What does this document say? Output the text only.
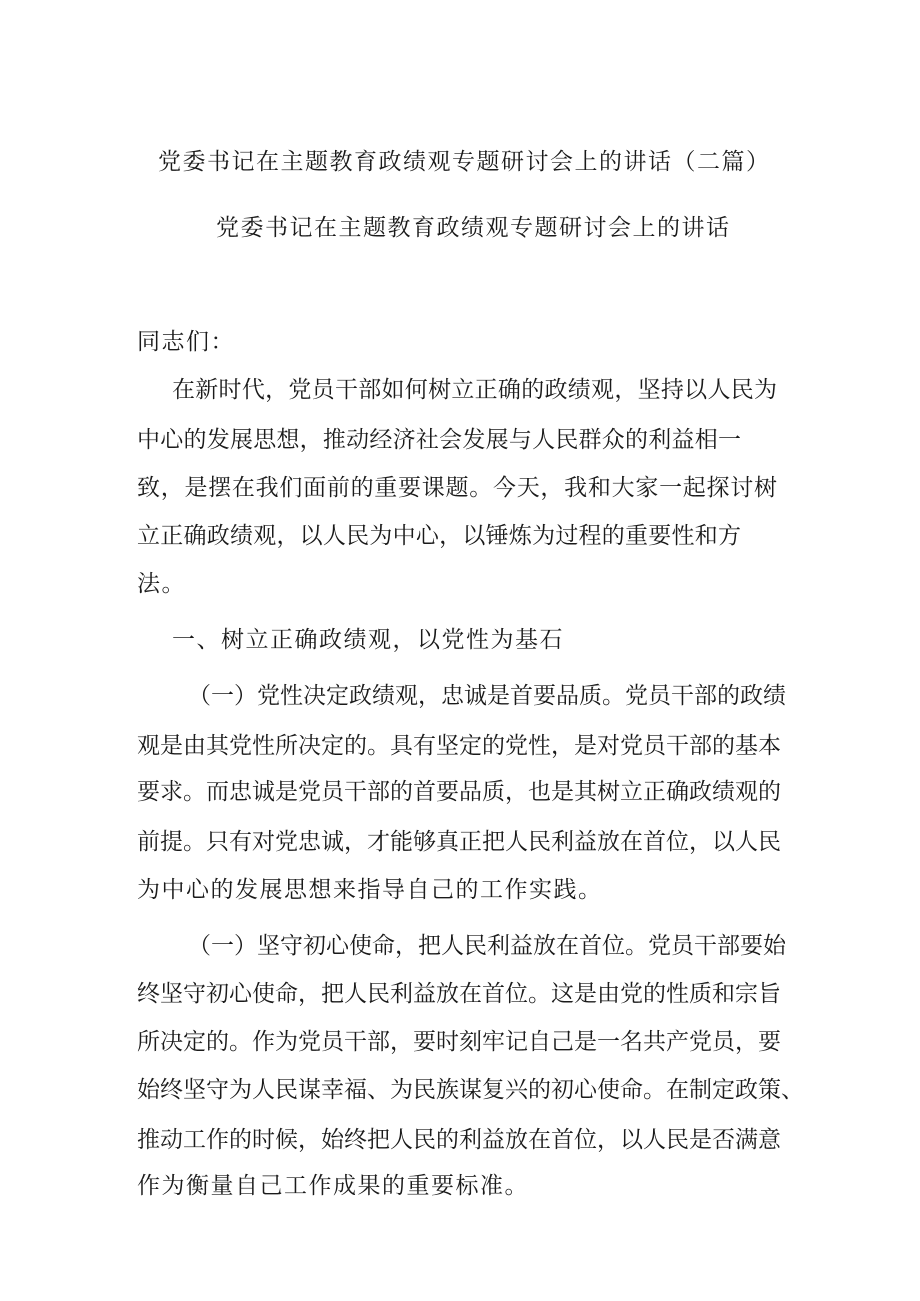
党委书记在主题教育政绩观专题研讨会上的讲话（二篇）
党委书记在主题教育政绩观专题研讨会上的讲话
同志们：
在新时代，党员干部如何树立正确的政绩观，坚持以人民为
中心的发展思想，推动经济社会发展与人民群众的利益相一
致，是摆在我们面前的重要课题。今天，我和大家一起探讨树
立正确政绩观，以人民为中心，以锤炼为过程的重要性和方
法。
一、树立正确政绩观，以党性为基石
（一）党性决定政绩观，忠诚是首要品质。党员干部的政绩
观是由其党性所决定的。具有坚定的党性，是对党员干部的基本
要求。而忠诚是党员干部的首要品质，也是其树立正确政绩观的
前提。只有对党忠诚，才能够真正把人民利益放在首位，以人民
为中心的发展思想来指导自己的工作实践。
（一）坚守初心使命，把人民利益放在首位。党员干部要始
终坚守初心使命，把人民利益放在首位。这是由党的性质和宗旨
所决定的。作为党员干部，要时刻牢记自己是一名共产党员，要
始终坚守为人民谋幸福、为民族谋复兴的初心使命。在制定政策、
推动工作的时候，始终把人民的利益放在首位，以人民是否满意
作为衡量自己工作成果的重要标准。
